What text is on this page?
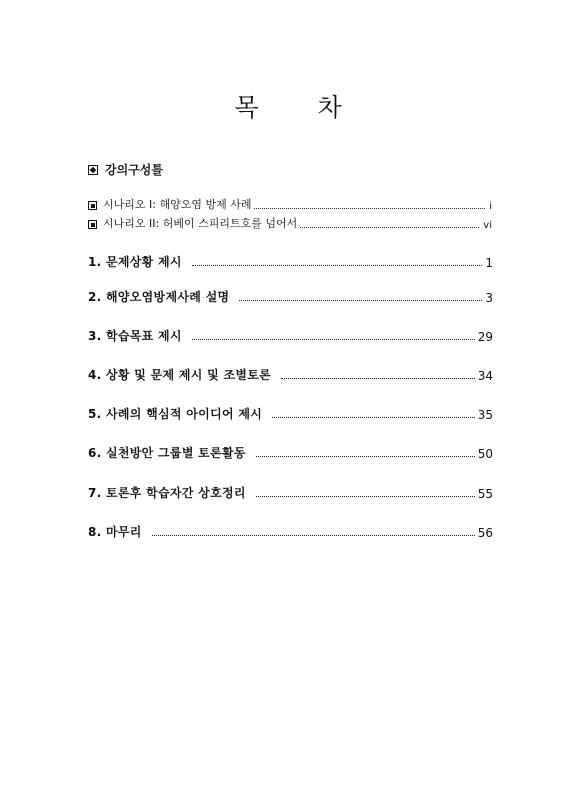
목 차
강의구성틀
시나리오 I: 해양오염 방제 사례	i
시나리오 II: 허베이 스피리트호를 넘어서	vi
1. 문제상황 제시	1
2. 해양오염방제사례 설명	3
3. 학습목표 제시	29
4. 상황 및 문제 제시 및 조별토론	34
5. 사례의 핵심적 아이디어 제시	35
6. 실천방안 그룹별 토론활동	50
7. 토론후 학습자간 상호정리	55
8. 마무리	56
